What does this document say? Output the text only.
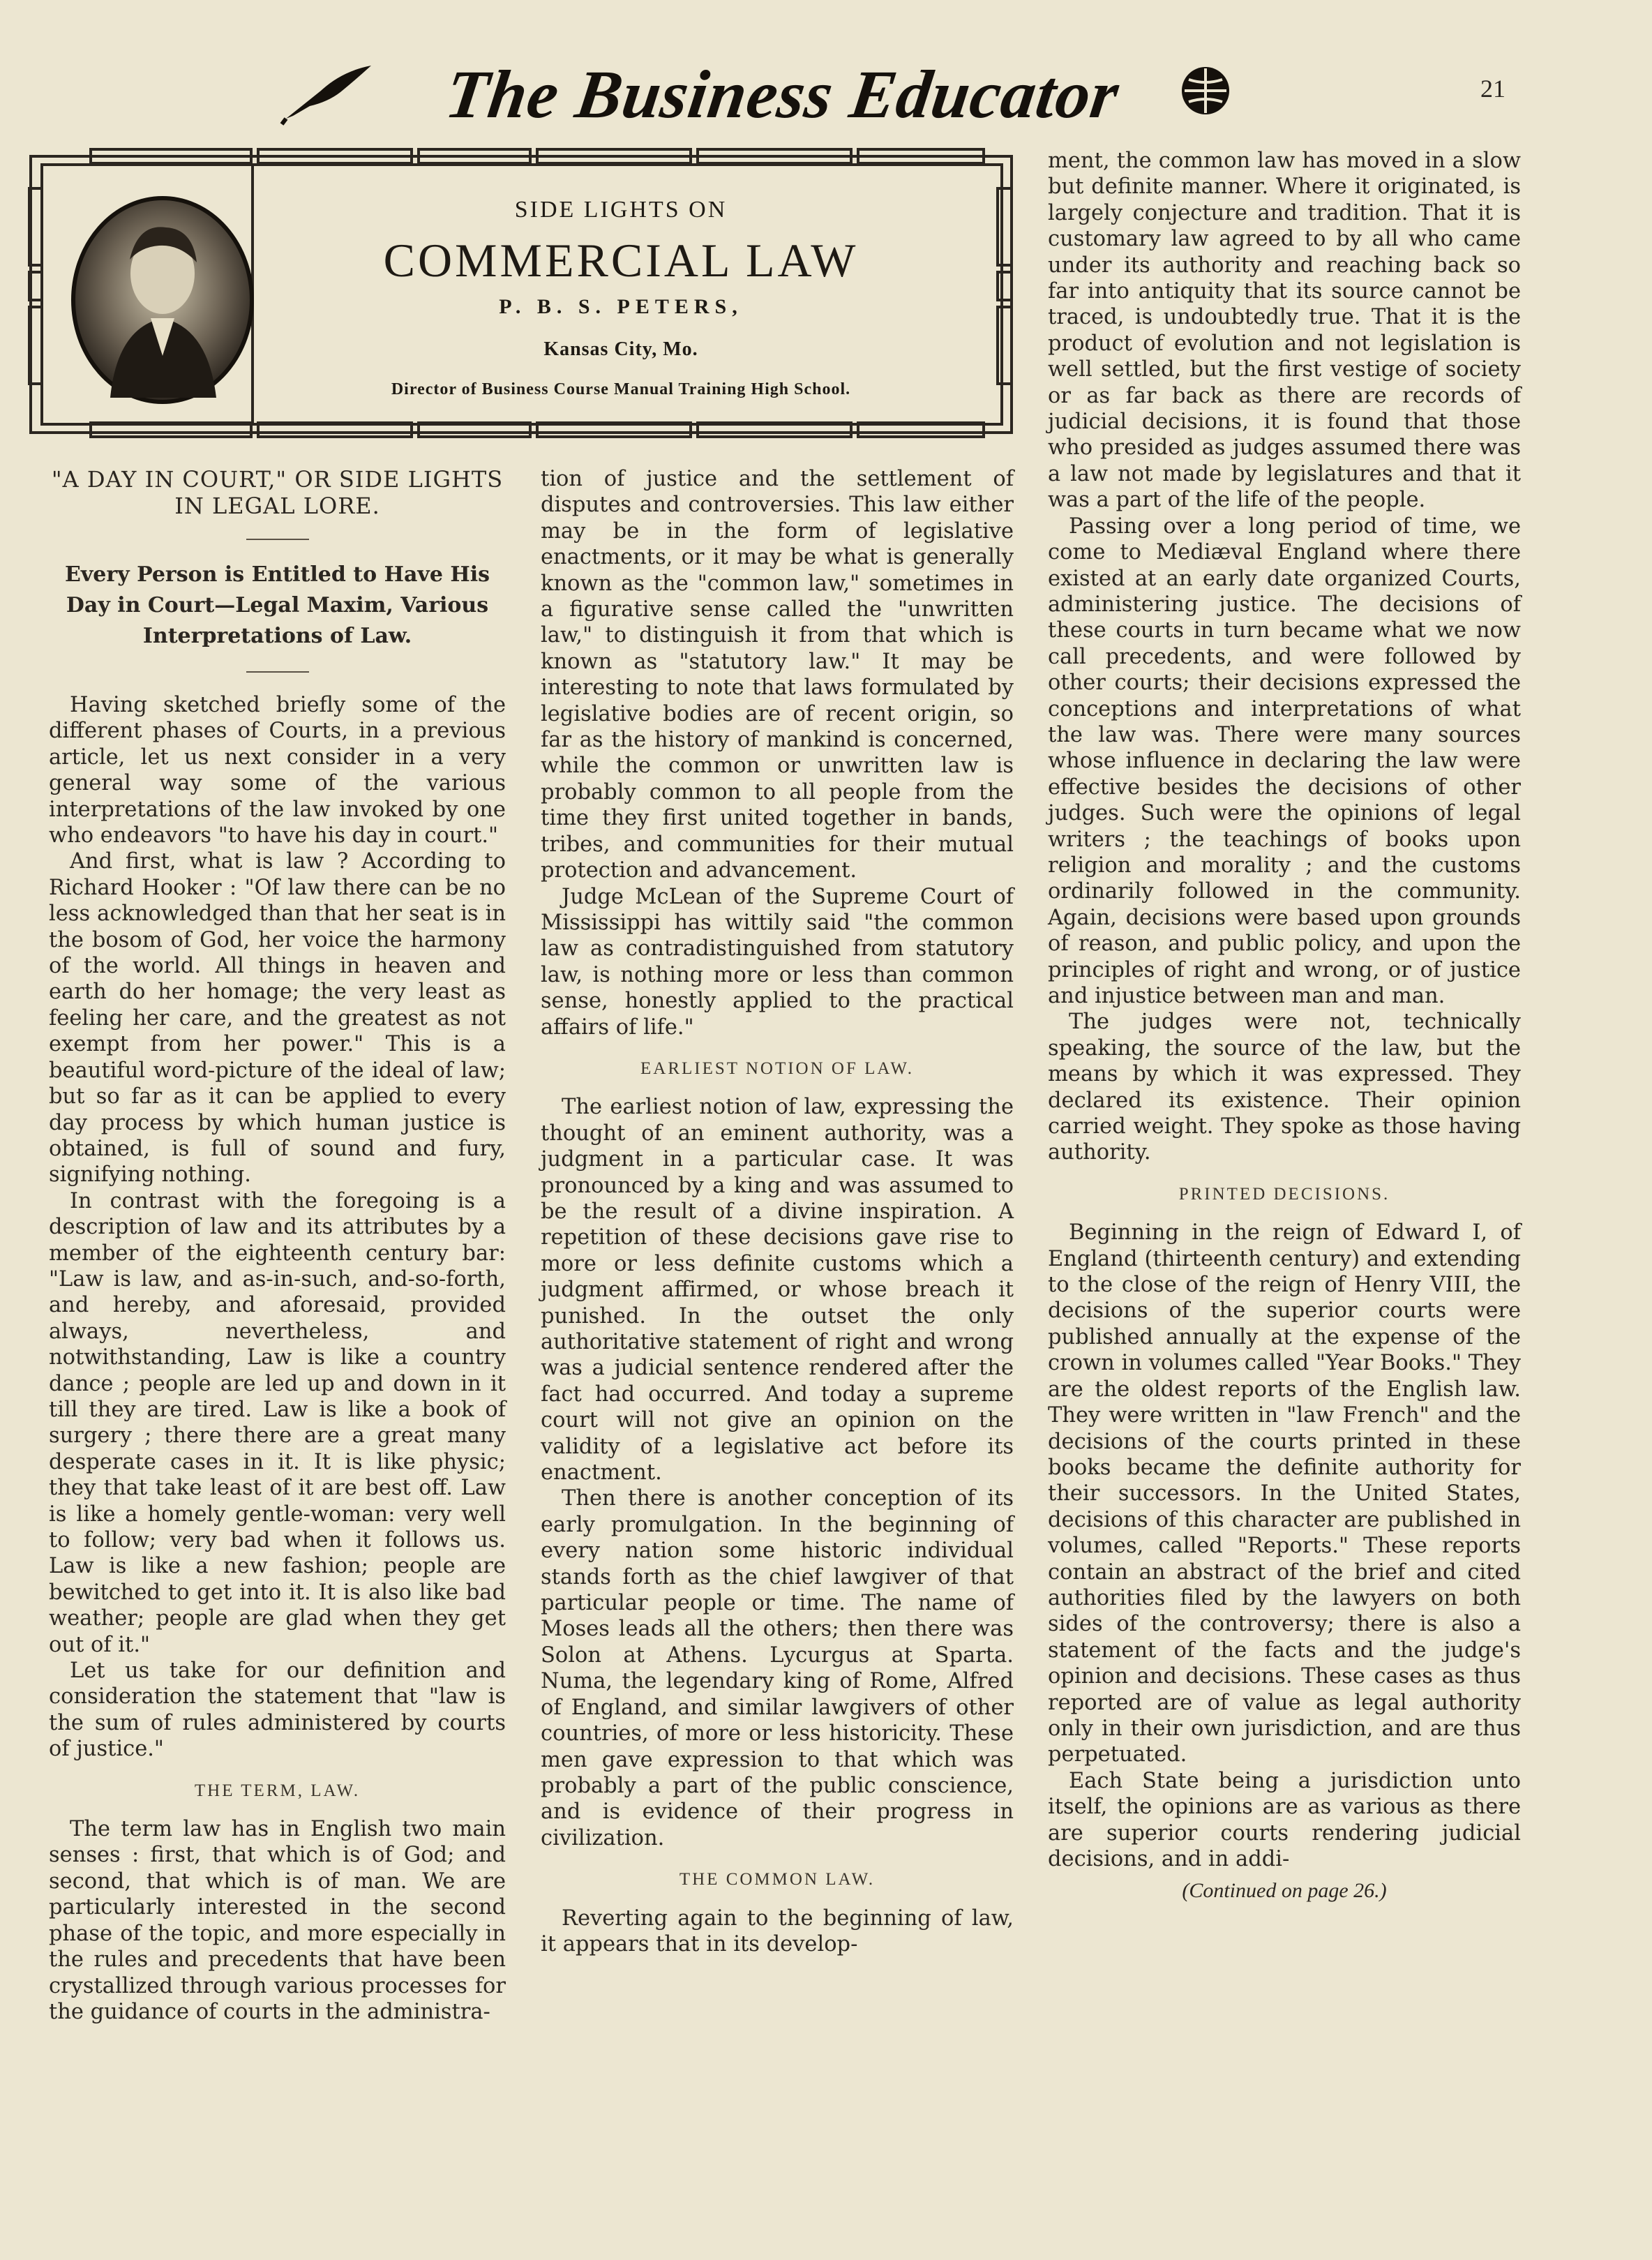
The Business Educator	21
SIDE LIGHTS ON
COMMERCIAL LAW
P. B. S. PETERS,
Kansas City, Mo.
Director of Business Course Manual Training High School.
"A DAY IN COURT," OR SIDE LIGHTS IN LEGAL LORE.
Every Person is Entitled to Have His Day in Court—Legal Maxim, Various Interpretations of Law.

Having sketched briefly some of the different phases of Courts, in a previous article, let us next consider in a very general way some of the various interpretations of the law invoked by one who endeavors "to have his day in court."

And first, what is law ? According to Richard Hooker : "Of law there can be no less acknowledged than that her seat is in the bosom of God, her voice the harmony of the world. All things in heaven and earth do her homage; the very least as feeling her care, and the greatest as not exempt from her power." This is a beautiful word-picture of the ideal of law; but so far as it can be applied to every day process by which human justice is obtained, is full of sound and fury, signifying nothing.

In contrast with the foregoing is a description of law and its attributes by a member of the eighteenth century bar: "Law is law, and as-in-such, and-so-forth, and hereby, and aforesaid, provided always, nevertheless, and notwithstanding, Law is like a country dance ; people are led up and down in it till they are tired. Law is like a book of surgery ; there there are a great many desperate cases in it. It is like physic; they that take least of it are best off. Law is like a homely gentle-woman: very well to follow; very bad when it follows us. Law is like a new fashion; people are bewitched to get into it. It is also like bad weather; people are glad when they get out of it."

Let us take for our definition and consideration the statement that "law is the sum of rules administered by courts of justice."

THE TERM, LAW.

The term law has in English two main senses : first, that which is of God; and second, that which is of man. We are particularly interested in the second phase of the topic, and more especially in the rules and precedents that have been crystallized through various processes for the guidance of courts in the administra-

tion of justice and the settlement of disputes and controversies. This law either may be in the form of legislative enactments, or it may be what is generally known as the "common law," sometimes in a figurative sense called the "unwritten law," to distinguish it from that which is known as "statutory law." It may be interesting to note that laws formulated by legislative bodies are of recent origin, so far as the history of mankind is concerned, while the common or unwritten law is probably common to all people from the time they first united together in bands, tribes, and communities for their mutual protection and advancement.

Judge McLean of the Supreme Court of Mississippi has wittily said "the common law as contradistinguished from statutory law, is nothing more or less than common sense, honestly applied to the practical affairs of life."

EARLIEST NOTION OF LAW.

The earliest notion of law, expressing the thought of an eminent authority, was a judgment in a particular case. It was pronounced by a king and was assumed to be the result of a divine inspiration. A repetition of these decisions gave rise to more or less definite customs which a judgment affirmed, or whose breach it punished. In the outset the only authoritative statement of right and wrong was a judicial sentence rendered after the fact had occurred. And today a supreme court will not give an opinion on the validity of a legislative act before its enactment.

Then there is another conception of its early promulgation. In the beginning of every nation some historic individual stands forth as the chief lawgiver of that particular people or time. The name of Moses leads all the others; then there was Solon at Athens. Lycurgus at Sparta. Numa, the legendary king of Rome, Alfred of England, and similar lawgivers of other countries, of more or less historicity. These men gave expression to that which was probably a part of the public conscience, and is evidence of their progress in civilization.

THE COMMON LAW.

Reverting again to the beginning of law, it appears that in its develop-

ment, the common law has moved in a slow but definite manner. Where it originated, is largely conjecture and tradition. That it is customary law agreed to by all who came under its authority and reaching back so far into antiquity that its source cannot be traced, is undoubtedly true. That it is the product of evolution and not legislation is well settled, but the first vestige of society or as far back as there are records of judicial decisions, it is found that those who presided as judges assumed there was a law not made by legislatures and that it was a part of the life of the people.

Passing over a long period of time, we come to Mediæval England where there existed at an early date organized Courts, administering justice. The decisions of these courts in turn became what we now call precedents, and were followed by other courts; their decisions expressed the conceptions and interpretations of what the law was. There were many sources whose influence in declaring the law were effective besides the decisions of other judges. Such were the opinions of legal writers ; the teachings of books upon religion and morality ; and the customs ordinarily followed in the community. Again, decisions were based upon grounds of reason, and public policy, and upon the principles of right and wrong, or of justice and injustice between man and man.

The judges were not, technically speaking, the source of the law, but the means by which it was expressed. They declared its existence. Their opinion carried weight. They spoke as those having authority.

PRINTED DECISIONS.

Beginning in the reign of Edward I, of England (thirteenth century) and extending to the close of the reign of Henry VIII, the decisions of the superior courts were published annually at the expense of the crown in volumes called "Year Books." They are the oldest reports of the English law. They were written in "law French" and the decisions of the courts printed in these books became the definite authority for their successors. In the United States, decisions of this character are published in volumes, called "Reports." These reports contain an abstract of the brief and cited authorities filed by the lawyers on both sides of the controversy; there is also a statement of the facts and the judge's opinion and decisions. These cases as thus reported are of value as legal authority only in their own jurisdiction, and are thus perpetuated.

Each State being a jurisdiction unto itself, the opinions are as various as there are superior courts rendering judicial decisions, and in addi-

(Continued on page 26.)
